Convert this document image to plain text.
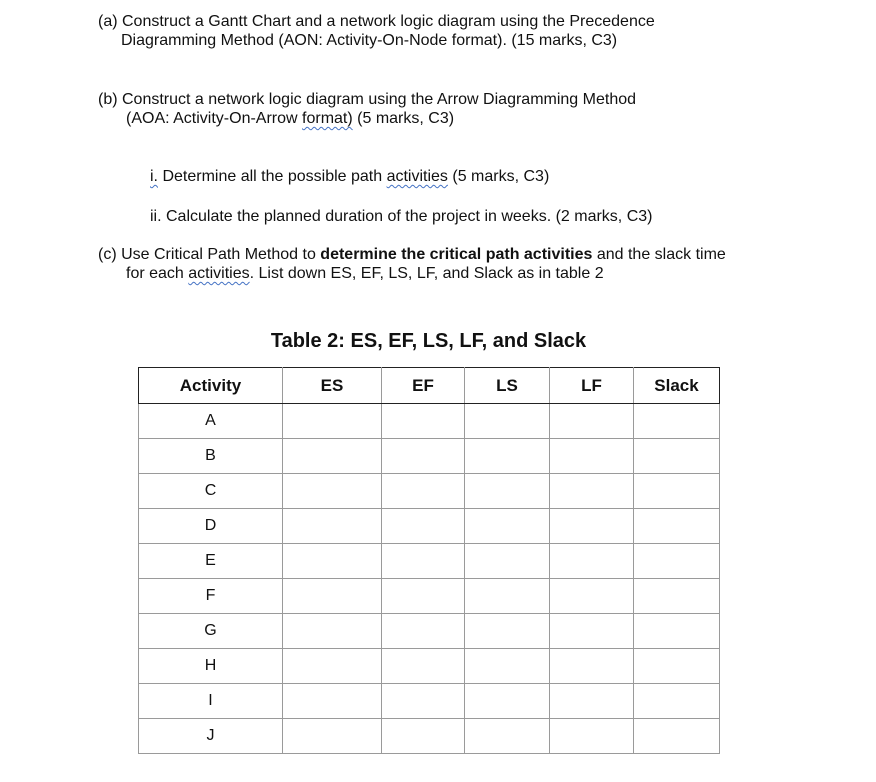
(a) Construct a Gantt Chart and a network logic diagram using the Precedence
Diagramming Method (AON: Activity-On-Node format). (15 marks, C3)

(b) Construct a network logic diagram using the Arrow Diagramming Method
(AOA: Activity-On-Arrow format) (5 marks, C3)

i. Determine all the possible path activities (5 marks, C3)

ii. Calculate the planned duration of the project in weeks. (2 marks, C3)

(c) Use Critical Path Method to determine the critical path activities and the slack time
for each activities. List down ES, EF, LS, LF, and Slack as in table 2

Table 2: ES, EF, LS, LF, and Slack

Activity	ES	EF	LS	LF	Slack
A					
B					
C					
D					
E					
F					
G					
H					
I					
J					
